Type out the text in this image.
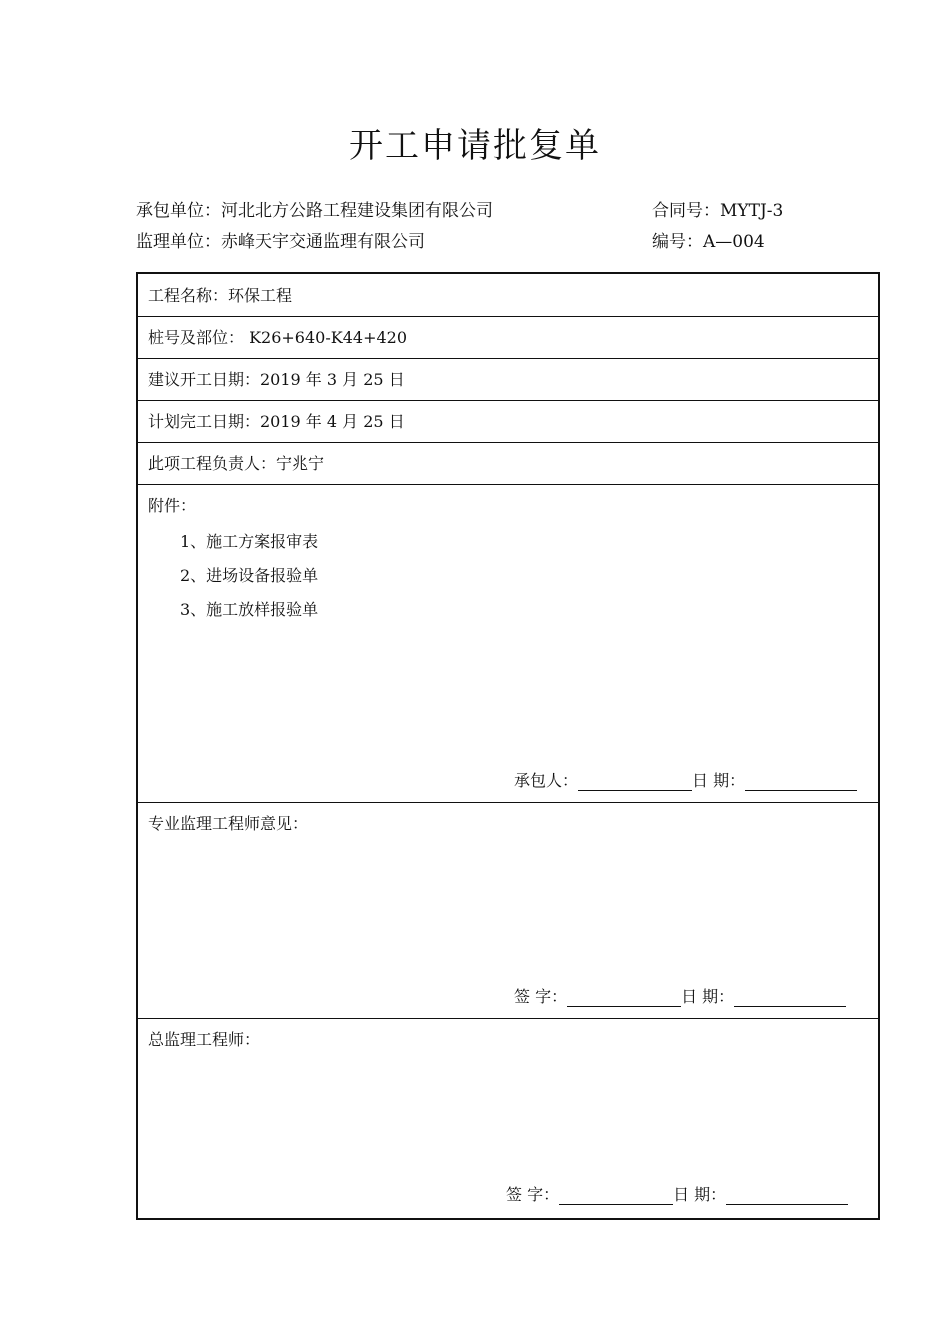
开工申请批复单
承包单位：河北北方公路工程建设集团有限公司	合同号：MYTJ-3
监理单位：赤峰天宇交通监理有限公司	编号：A—004
工程名称：环保工程
桩号及部位： K26+640-K44+420
建议开工日期：2019 年 3 月 25 日
计划完工日期：2019 年 4 月 25 日
此项工程负责人：宁兆宁
附件：
1、施工方案报审表
2、进场设备报验单
3、施工放样报验单
承包人：	日 期：
专业监理工程师意见：
签 字：	日 期：
总监理工程师：
签 字：	日 期：
